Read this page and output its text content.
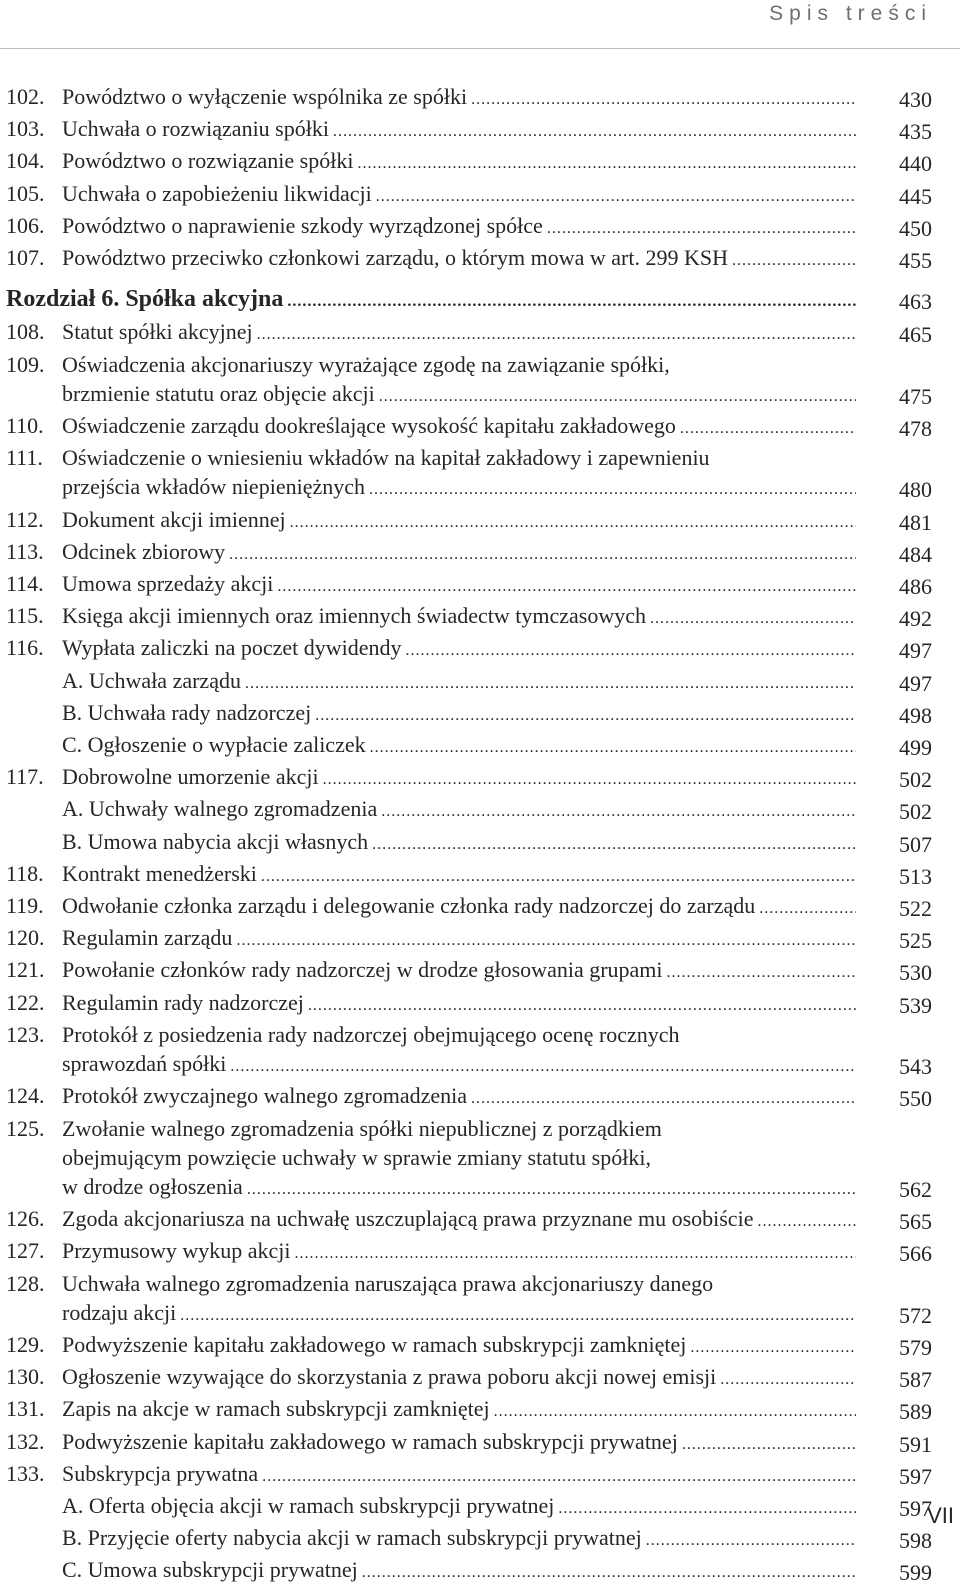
Spis treści
102. Powództwo o wyłączenie wspólnika ze spółki .....	430
103. Uchwała o rozwiązaniu spółki .....	435
104. Powództwo o rozwiązanie spółki .....	440
105. Uchwała o zapobieżeniu likwidacji .....	445
106. Powództwo o naprawienie szkody wyrządzonej spółce .....	450
107. Powództwo przeciwko członkowi zarządu, o którym mowa w art. 299 KSH .....	455
Rozdział 6. Spółka akcyjna .....	463
108. Statut spółki akcyjnej .....	465
109. Oświadczenia akcjonariuszy wyrażające zgodę na zawiązanie spółki,
brzmienie statutu oraz objęcie akcji .....	475
110. Oświadczenie zarządu dookreślające wysokość kapitału zakładowego .....	478
111. Oświadczenie o wniesieniu wkładów na kapitał zakładowy i zapewnieniu
przejścia wkładów niepieniężnych .....	480
112. Dokument akcji imiennej .....	481
113. Odcinek zbiorowy .....	484
114. Umowa sprzedaży akcji .....	486
115. Księga akcji imiennych oraz imiennych świadectw tymczasowych .....	492
116. Wypłata zaliczki na poczet dywidendy .....	497
A. Uchwała zarządu .....	497
B. Uchwała rady nadzorczej .....	498
C. Ogłoszenie o wypłacie zaliczek .....	499
117. Dobrowolne umorzenie akcji .....	502
A. Uchwały walnego zgromadzenia .....	502
B. Umowa nabycia akcji własnych .....	507
118. Kontrakt menedżerski .....	513
119. Odwołanie członka zarządu i delegowanie członka rady nadzorczej do zarządu .....	522
120. Regulamin zarządu .....	525
121. Powołanie członków rady nadzorczej w drodze głosowania grupami .....	530
122. Regulamin rady nadzorczej .....	539
123. Protokół z posiedzenia rady nadzorczej obejmującego ocenę rocznych
sprawozdań spółki .....	543
124. Protokół zwyczajnego walnego zgromadzenia .....	550
125. Zwołanie walnego zgromadzenia spółki niepublicznej z porządkiem
obejmującym powzięcie uchwały w sprawie zmiany statutu spółki,
w drodze ogłoszenia .....	562
126. Zgoda akcjonariusza na uchwałę uszczuplającą prawa przyznane mu osobiście .....	565
127. Przymusowy wykup akcji .....	566
128. Uchwała walnego zgromadzenia naruszająca prawa akcjonariuszy danego
rodzaju akcji .....	572
129. Podwyższenie kapitału zakładowego w ramach subskrypcji zamkniętej .....	579
130. Ogłoszenie wzywające do skorzystania z prawa poboru akcji nowej emisji .....	587
131. Zapis na akcje w ramach subskrypcji zamkniętej .....	589
132. Podwyższenie kapitału zakładowego w ramach subskrypcji prywatnej .....	591
133. Subskrypcja prywatna .....	597
A. Oferta objęcia akcji w ramach subskrypcji prywatnej .....	597
B. Przyjęcie oferty nabycia akcji w ramach subskrypcji prywatnej .....	598
C. Umowa subskrypcji prywatnej .....	599
VII
